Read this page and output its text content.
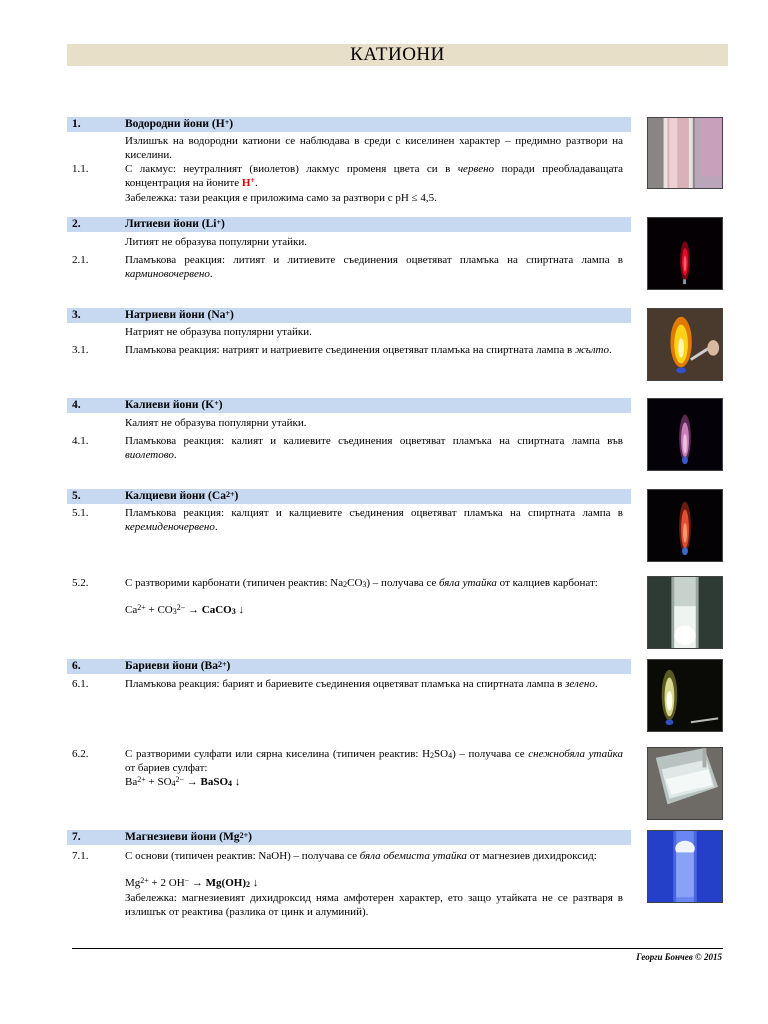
КАТИОНИ
1.	Водородни йони (H+)
Излишък на водородни катиони се наблюдава в среди с киселинен характер – предимно разтвори на киселини.
1.1.	С лакмус: неутралният (виолетов) лакмус променя цвета си в червено поради преобладаващата концентрация на йоните H+.
Забележка: тази реакция е приложима само за разтвори с pH ≤ 4,5.
2.	Литиеви йони (Li+)
Литият не образува популярни утайки.
2.1.	Пламъкова реакция: литият и литиевите съединения оцветяват пламъка на спиртната лампа в карминовочервено.
3.	Натриеви йони (Na+)
Натрият не образува популярни утайки.
3.1.	Пламъкова реакция: натрият и натриевите съединения оцветяват пламъка на спиртната лампа в жълто.
4.	Калиеви йони (K+)
Калият не образува популярни утайки.
4.1.	Пламъкова реакция: калият и калиевите съединения оцветяват пламъка на спиртната лампа във виолетово.
5.	Калциеви йони $(Ca^{2+})$
5.1.	Пламъкова реакция: калцият и калциевите съединения оцветяват пламъка на спиртната лампа в керемиденочервено.
5.2.	С разтворими карбонати (типичен реактив: Na2CO3) – получава се бяла утайка от калциев карбонат:
$Ca^{2+} + CO3^{2-}$ → CaCO3 ↓
6.	Бариеви йони $(Ba^{2+})$
6.1.	Пламъкова реакция: барият и бариевите съединения оцветяват пламъка на спиртната лампа в зелено.
6.2.	С разтворими сулфати или сярна киселина (типичен реактив: H2SO4) – получава се снежнобяла утайка от бариев сулфат:
$Ba^{2+} + SO4^{2-}$ → BaSO4 ↓
7.	Магнезиеви йони $(Mg^{2+})$
7.1.	С основи (типичен реактив: NaOH) – получава се бяла обемиста утайка от магнезиев дихидроксид:
$Mg^{2+} + 2$ OH− → Mg(OH)2 ↓
Забележка: магнезиевият дихидроксид няма амфотерен характер, ето защо утайката не се разтваря в излишък от реактива (разлика от цинк и алуминий).
Георги Бончев © 2015
